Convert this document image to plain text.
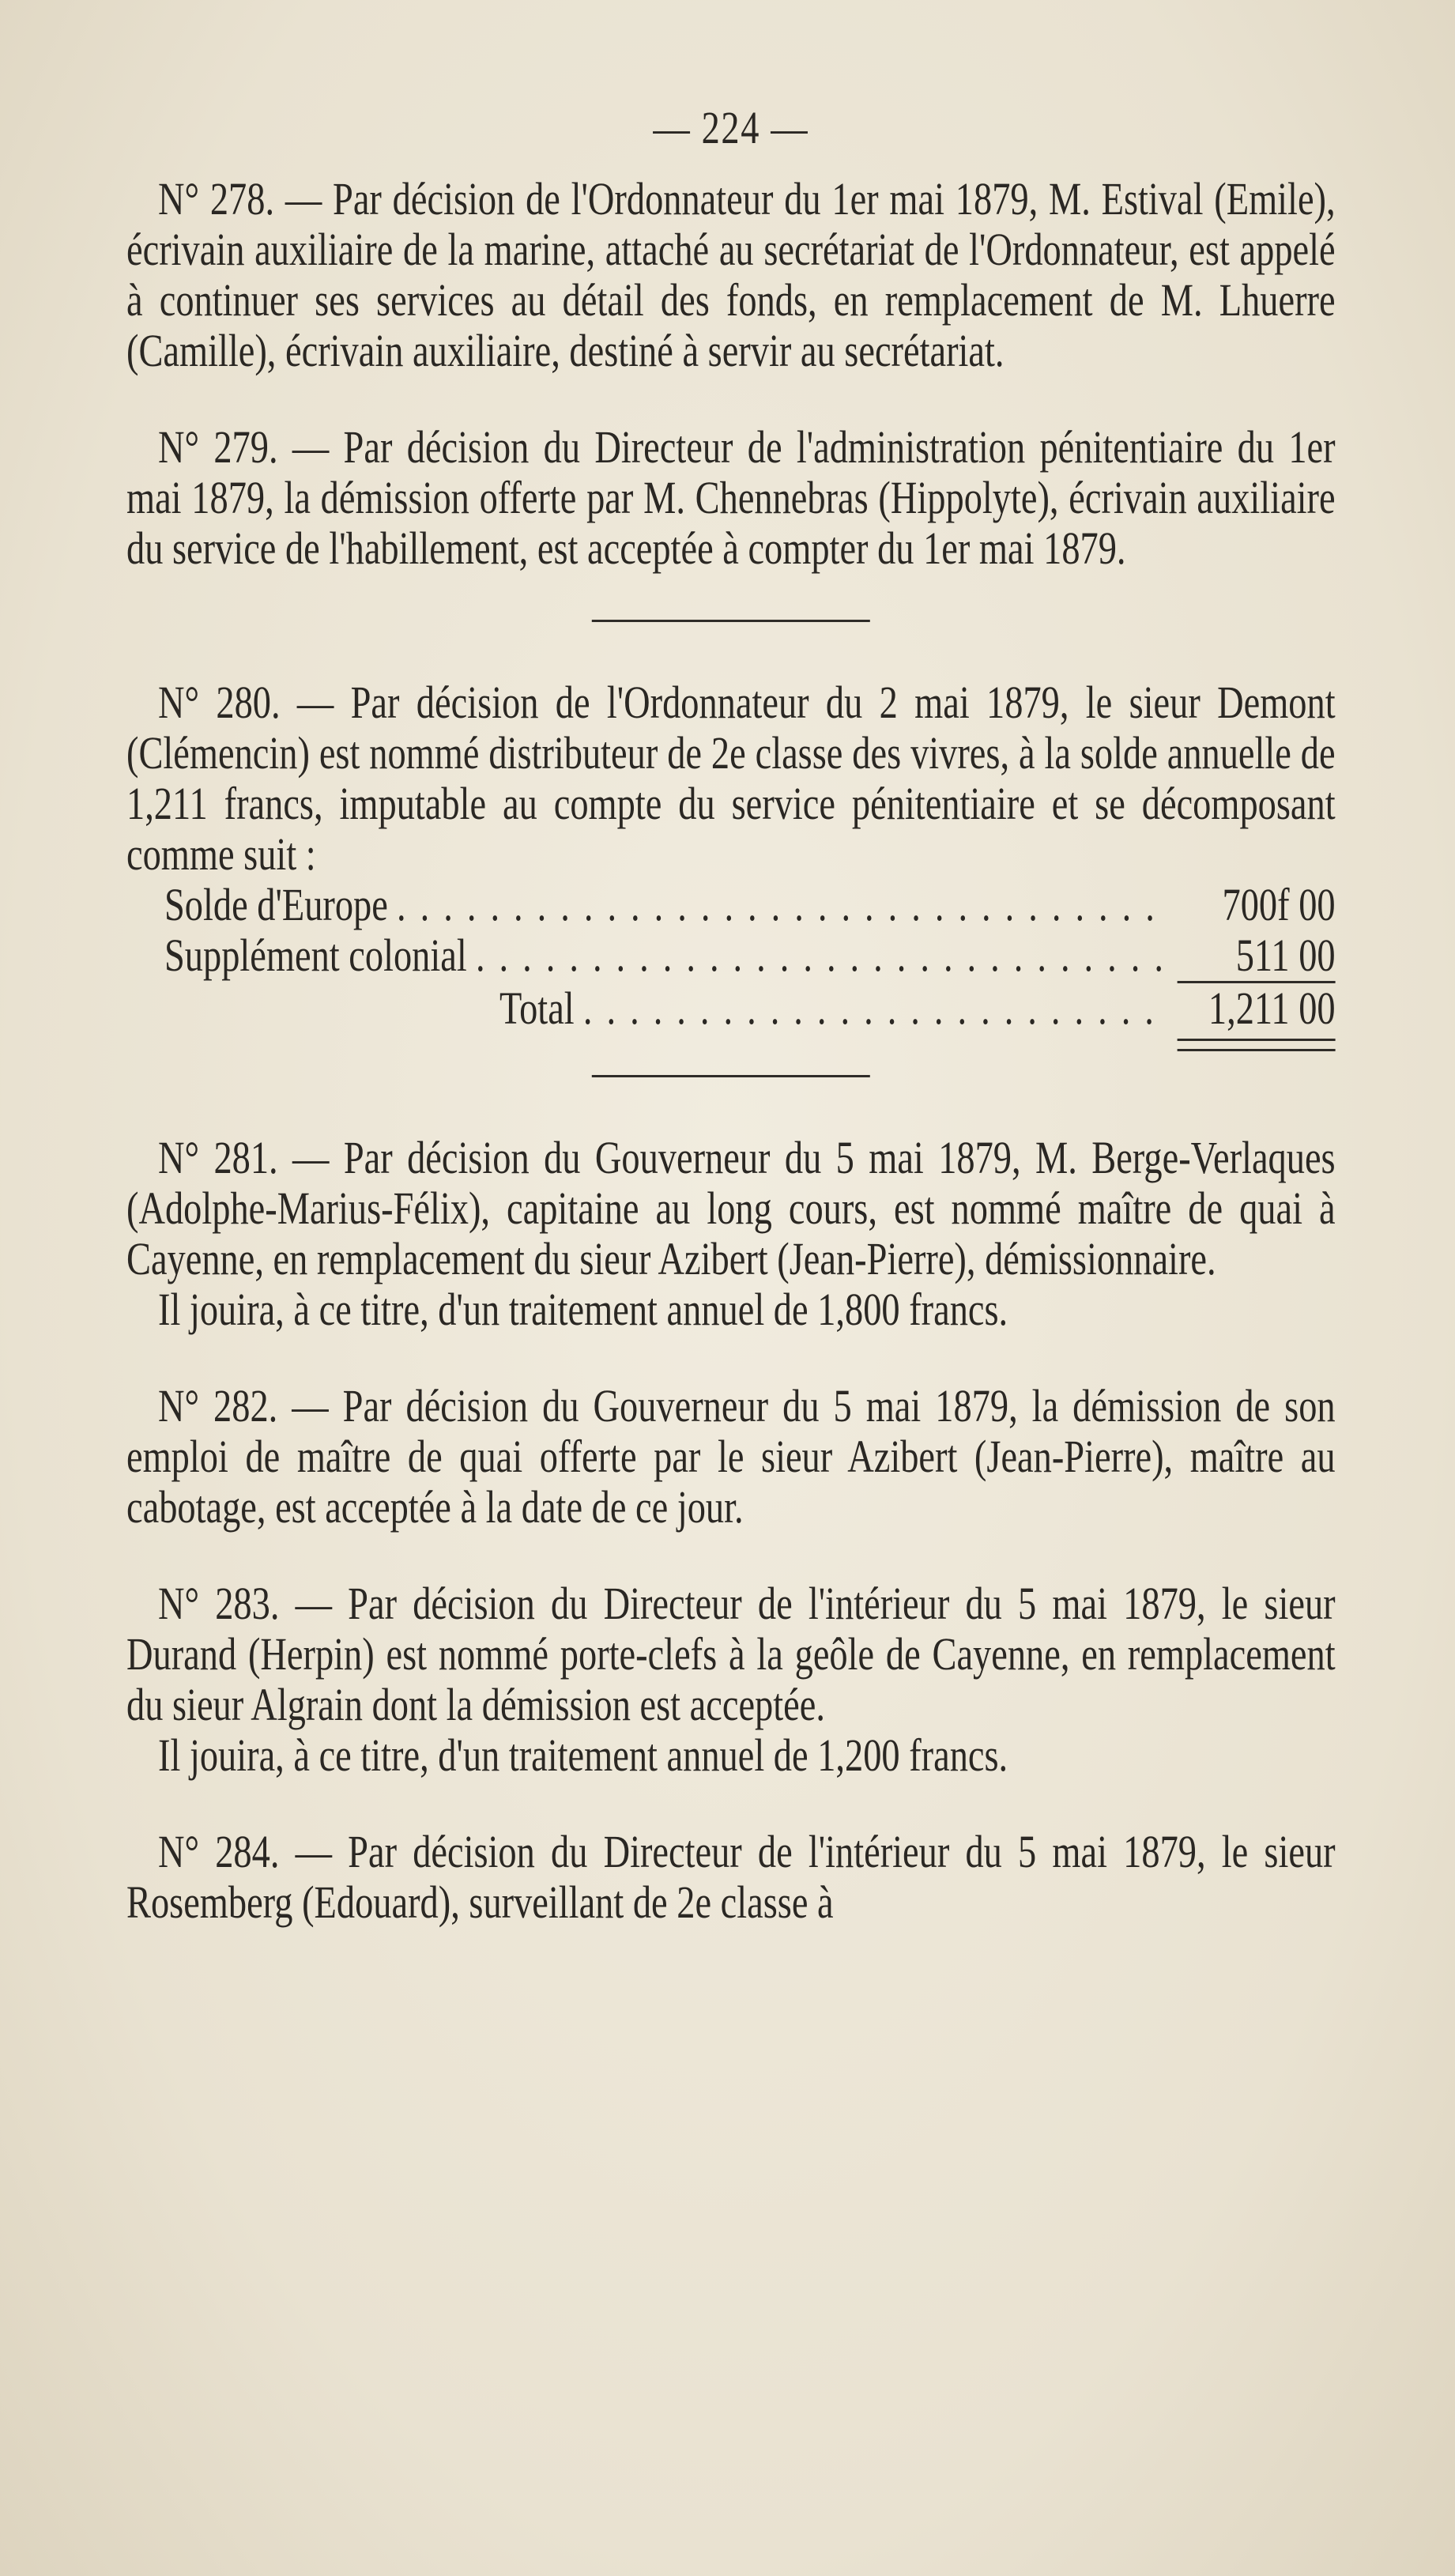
— 224 —
N° 278. — Par décision de l'Ordonnateur du 1er mai 1879, M. Estival (Emile), écrivain auxiliaire de la marine, attaché au secrétariat de l'Ordonnateur, est appelé à continuer ses services au détail des fonds, en remplacement de M. Lhuerre (Camille), écrivain auxiliaire, destiné à servir au secrétariat.
N° 279. — Par décision du Directeur de l'administration pénitentiaire du 1er mai 1879, la démission offerte par M. Chennebras (Hippolyte), écrivain auxiliaire du service de l'habillement, est acceptée à compter du 1er mai 1879.
N° 280. — Par décision de l'Ordonnateur du 2 mai 1879, le sieur Demont (Clémencin) est nommé distributeur de 2e classe des vivres, à la solde annuelle de 1,211 francs, imputable au compte du service pénitentiaire et se décomposant comme suit :
Solde d'Europe . . .	700f 00
Supplément colonial . . .	511 00
Total . . .	1,211 00
N° 281. — Par décision du Gouverneur du 5 mai 1879, M. Berge-Verlaques (Adolphe-Marius-Félix), capitaine au long cours, est nommé maître de quai à Cayenne, en remplacement du sieur Azibert (Jean-Pierre), démissionnaire.
Il jouira, à ce titre, d'un traitement annuel de 1,800 francs.
N° 282. — Par décision du Gouverneur du 5 mai 1879, la démission de son emploi de maître de quai offerte par le sieur Azibert (Jean-Pierre), maître au cabotage, est acceptée à la date de ce jour.
N° 283. — Par décision du Directeur de l'intérieur du 5 mai 1879, le sieur Durand (Herpin) est nommé porte-clefs à la geôle de Cayenne, en remplacement du sieur Algrain dont la démission est acceptée.
Il jouira, à ce titre, d'un traitement annuel de 1,200 francs.
N° 284. — Par décision du Directeur de l'intérieur du 5 mai 1879, le sieur Rosemberg (Edouard), surveillant de 2e classe à
